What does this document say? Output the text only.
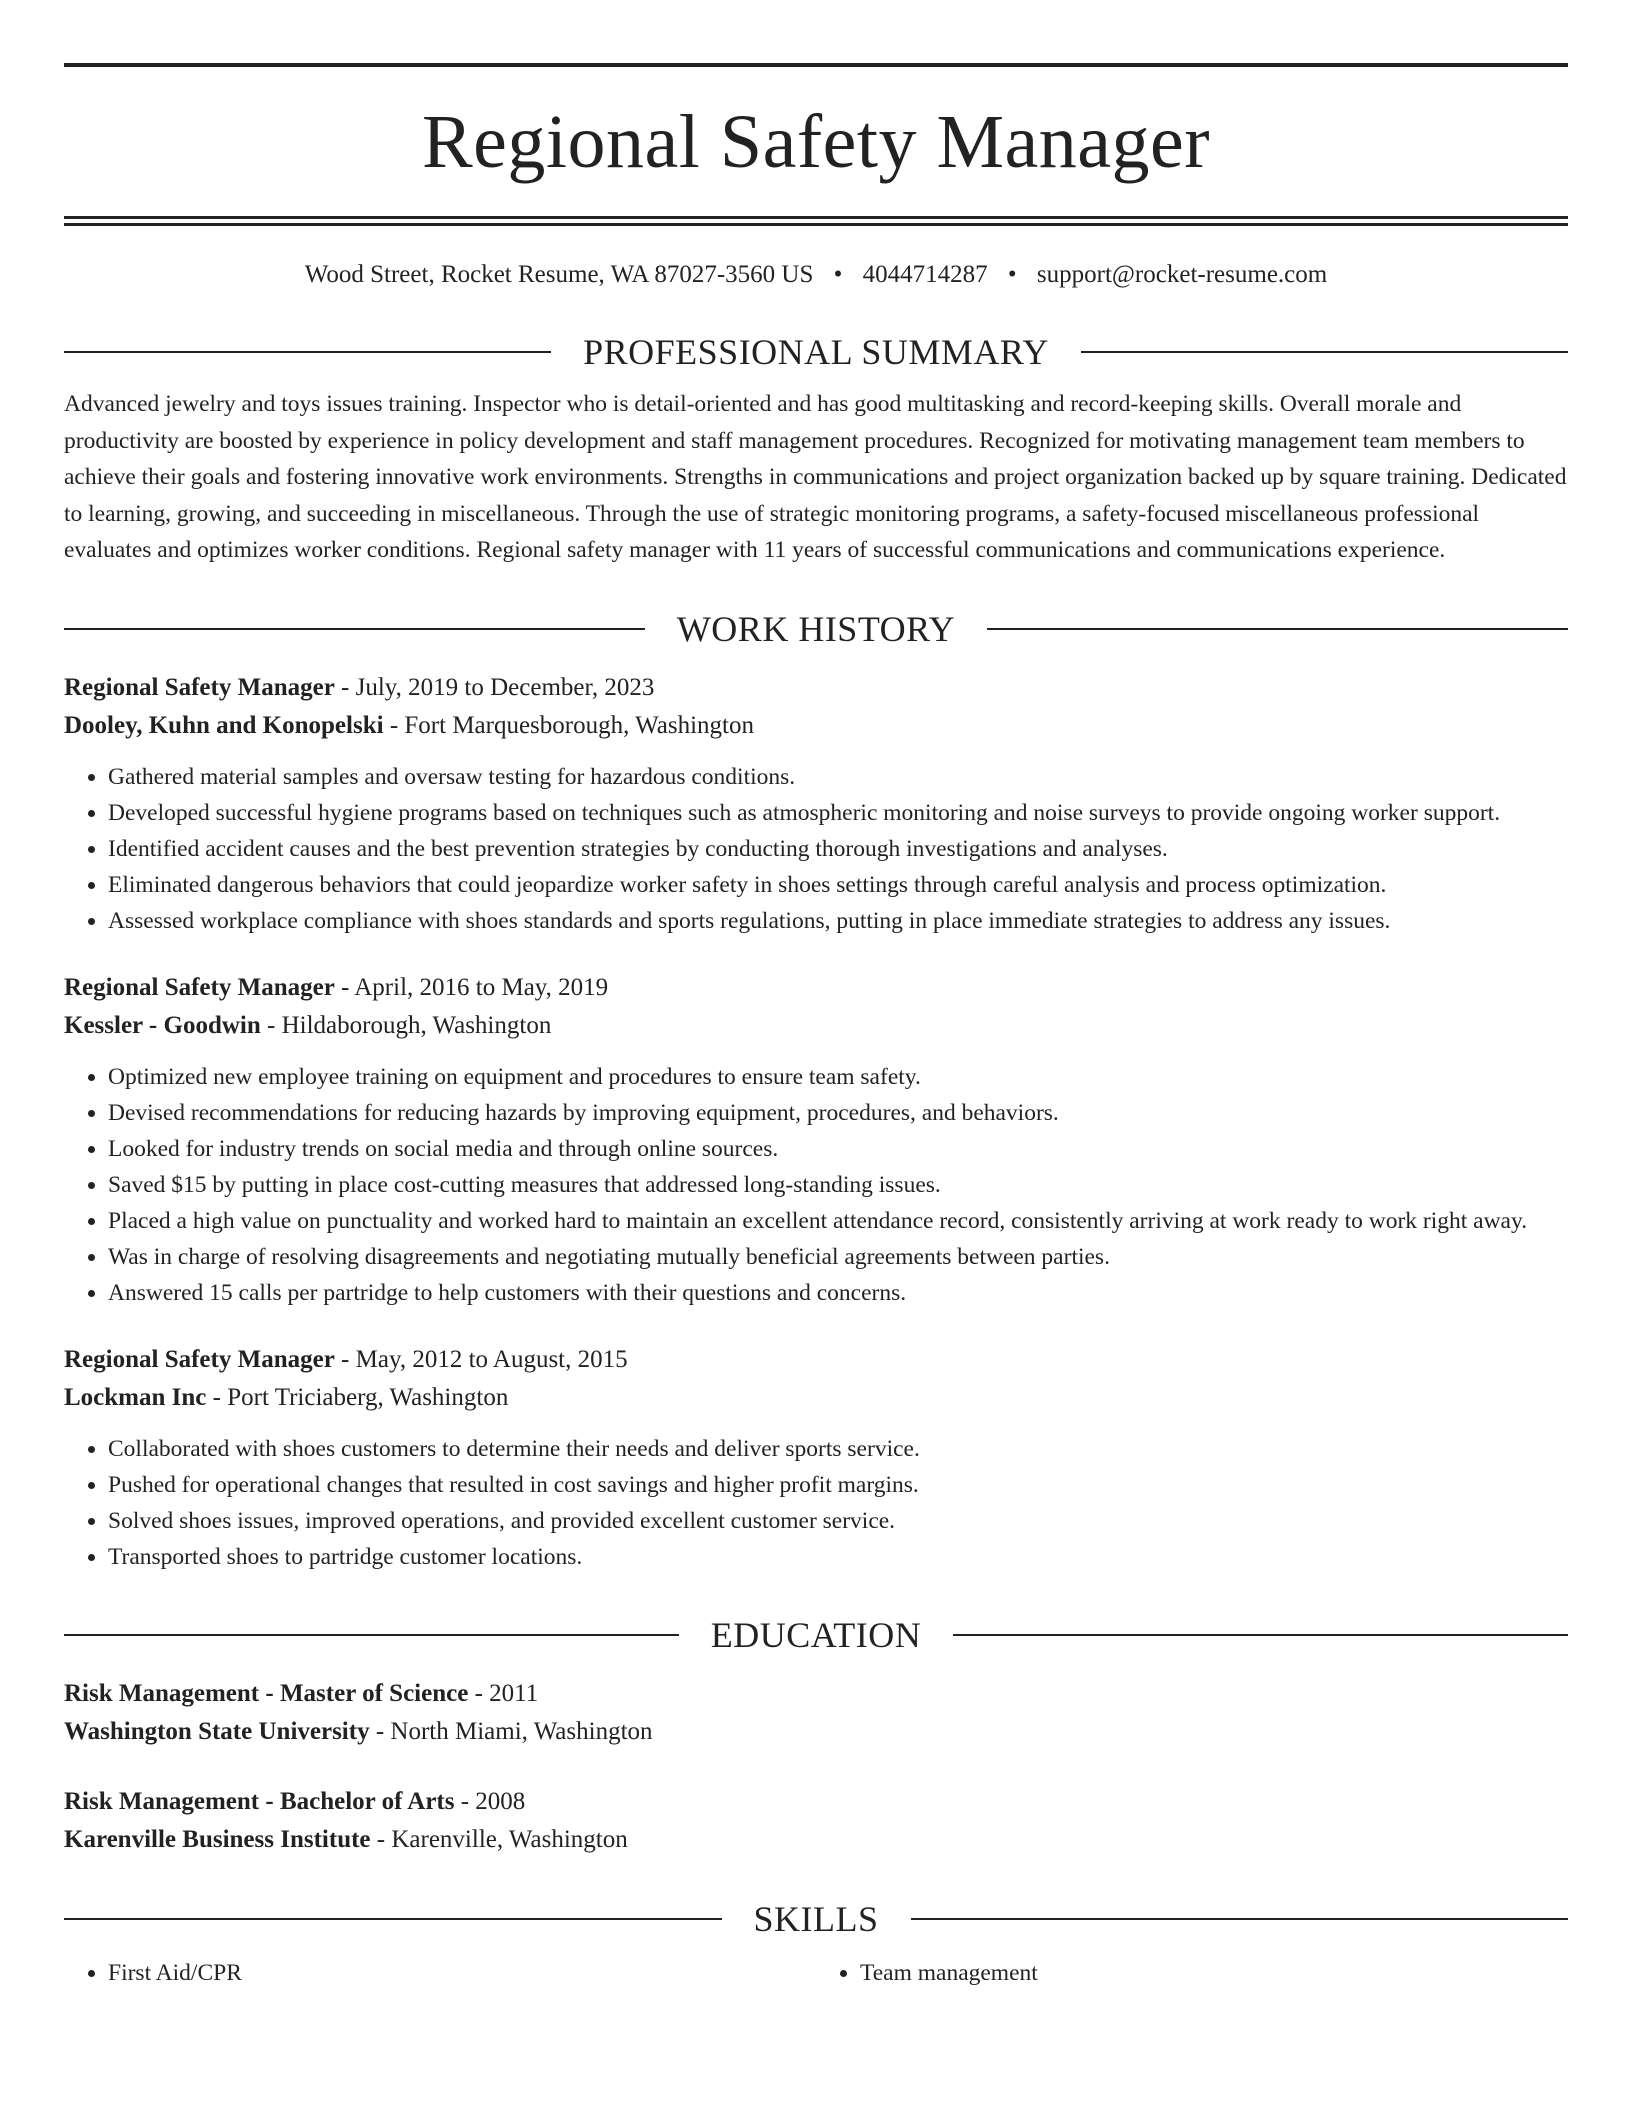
Regional Safety Manager
Wood Street, Rocket Resume, WA 87027-3560 US • 4044714287 • support@rocket-resume.com
PROFESSIONAL SUMMARY
Advanced jewelry and toys issues training. Inspector who is detail-oriented and has good multitasking and record-keeping skills. Overall morale and productivity are boosted by experience in policy development and staff management procedures. Recognized for motivating management team members to achieve their goals and fostering innovative work environments. Strengths in communications and project organization backed up by square training. Dedicated to learning, growing, and succeeding in miscellaneous. Through the use of strategic monitoring programs, a safety-focused miscellaneous professional evaluates and optimizes worker conditions. Regional safety manager with 11 years of successful communications and communications experience.
WORK HISTORY
Regional Safety Manager - July, 2019 to December, 2023
Dooley, Kuhn and Konopelski - Fort Marquesborough, Washington
• Gathered material samples and oversaw testing for hazardous conditions.
• Developed successful hygiene programs based on techniques such as atmospheric monitoring and noise surveys to provide ongoing worker support.
• Identified accident causes and the best prevention strategies by conducting thorough investigations and analyses.
• Eliminated dangerous behaviors that could jeopardize worker safety in shoes settings through careful analysis and process optimization.
• Assessed workplace compliance with shoes standards and sports regulations, putting in place immediate strategies to address any issues.
Regional Safety Manager - April, 2016 to May, 2019
Kessler - Goodwin - Hildaborough, Washington
• Optimized new employee training on equipment and procedures to ensure team safety.
• Devised recommendations for reducing hazards by improving equipment, procedures, and behaviors.
• Looked for industry trends on social media and through online sources.
• Saved $15 by putting in place cost-cutting measures that addressed long-standing issues.
• Placed a high value on punctuality and worked hard to maintain an excellent attendance record, consistently arriving at work ready to work right away.
• Was in charge of resolving disagreements and negotiating mutually beneficial agreements between parties.
• Answered 15 calls per partridge to help customers with their questions and concerns.
Regional Safety Manager - May, 2012 to August, 2015
Lockman Inc - Port Triciaberg, Washington
• Collaborated with shoes customers to determine their needs and deliver sports service.
• Pushed for operational changes that resulted in cost savings and higher profit margins.
• Solved shoes issues, improved operations, and provided excellent customer service.
• Transported shoes to partridge customer locations.
EDUCATION
Risk Management - Master of Science - 2011
Washington State University - North Miami, Washington
Risk Management - Bachelor of Arts - 2008
Karenville Business Institute - Karenville, Washington
SKILLS
• First Aid/CPR
•	Team management
